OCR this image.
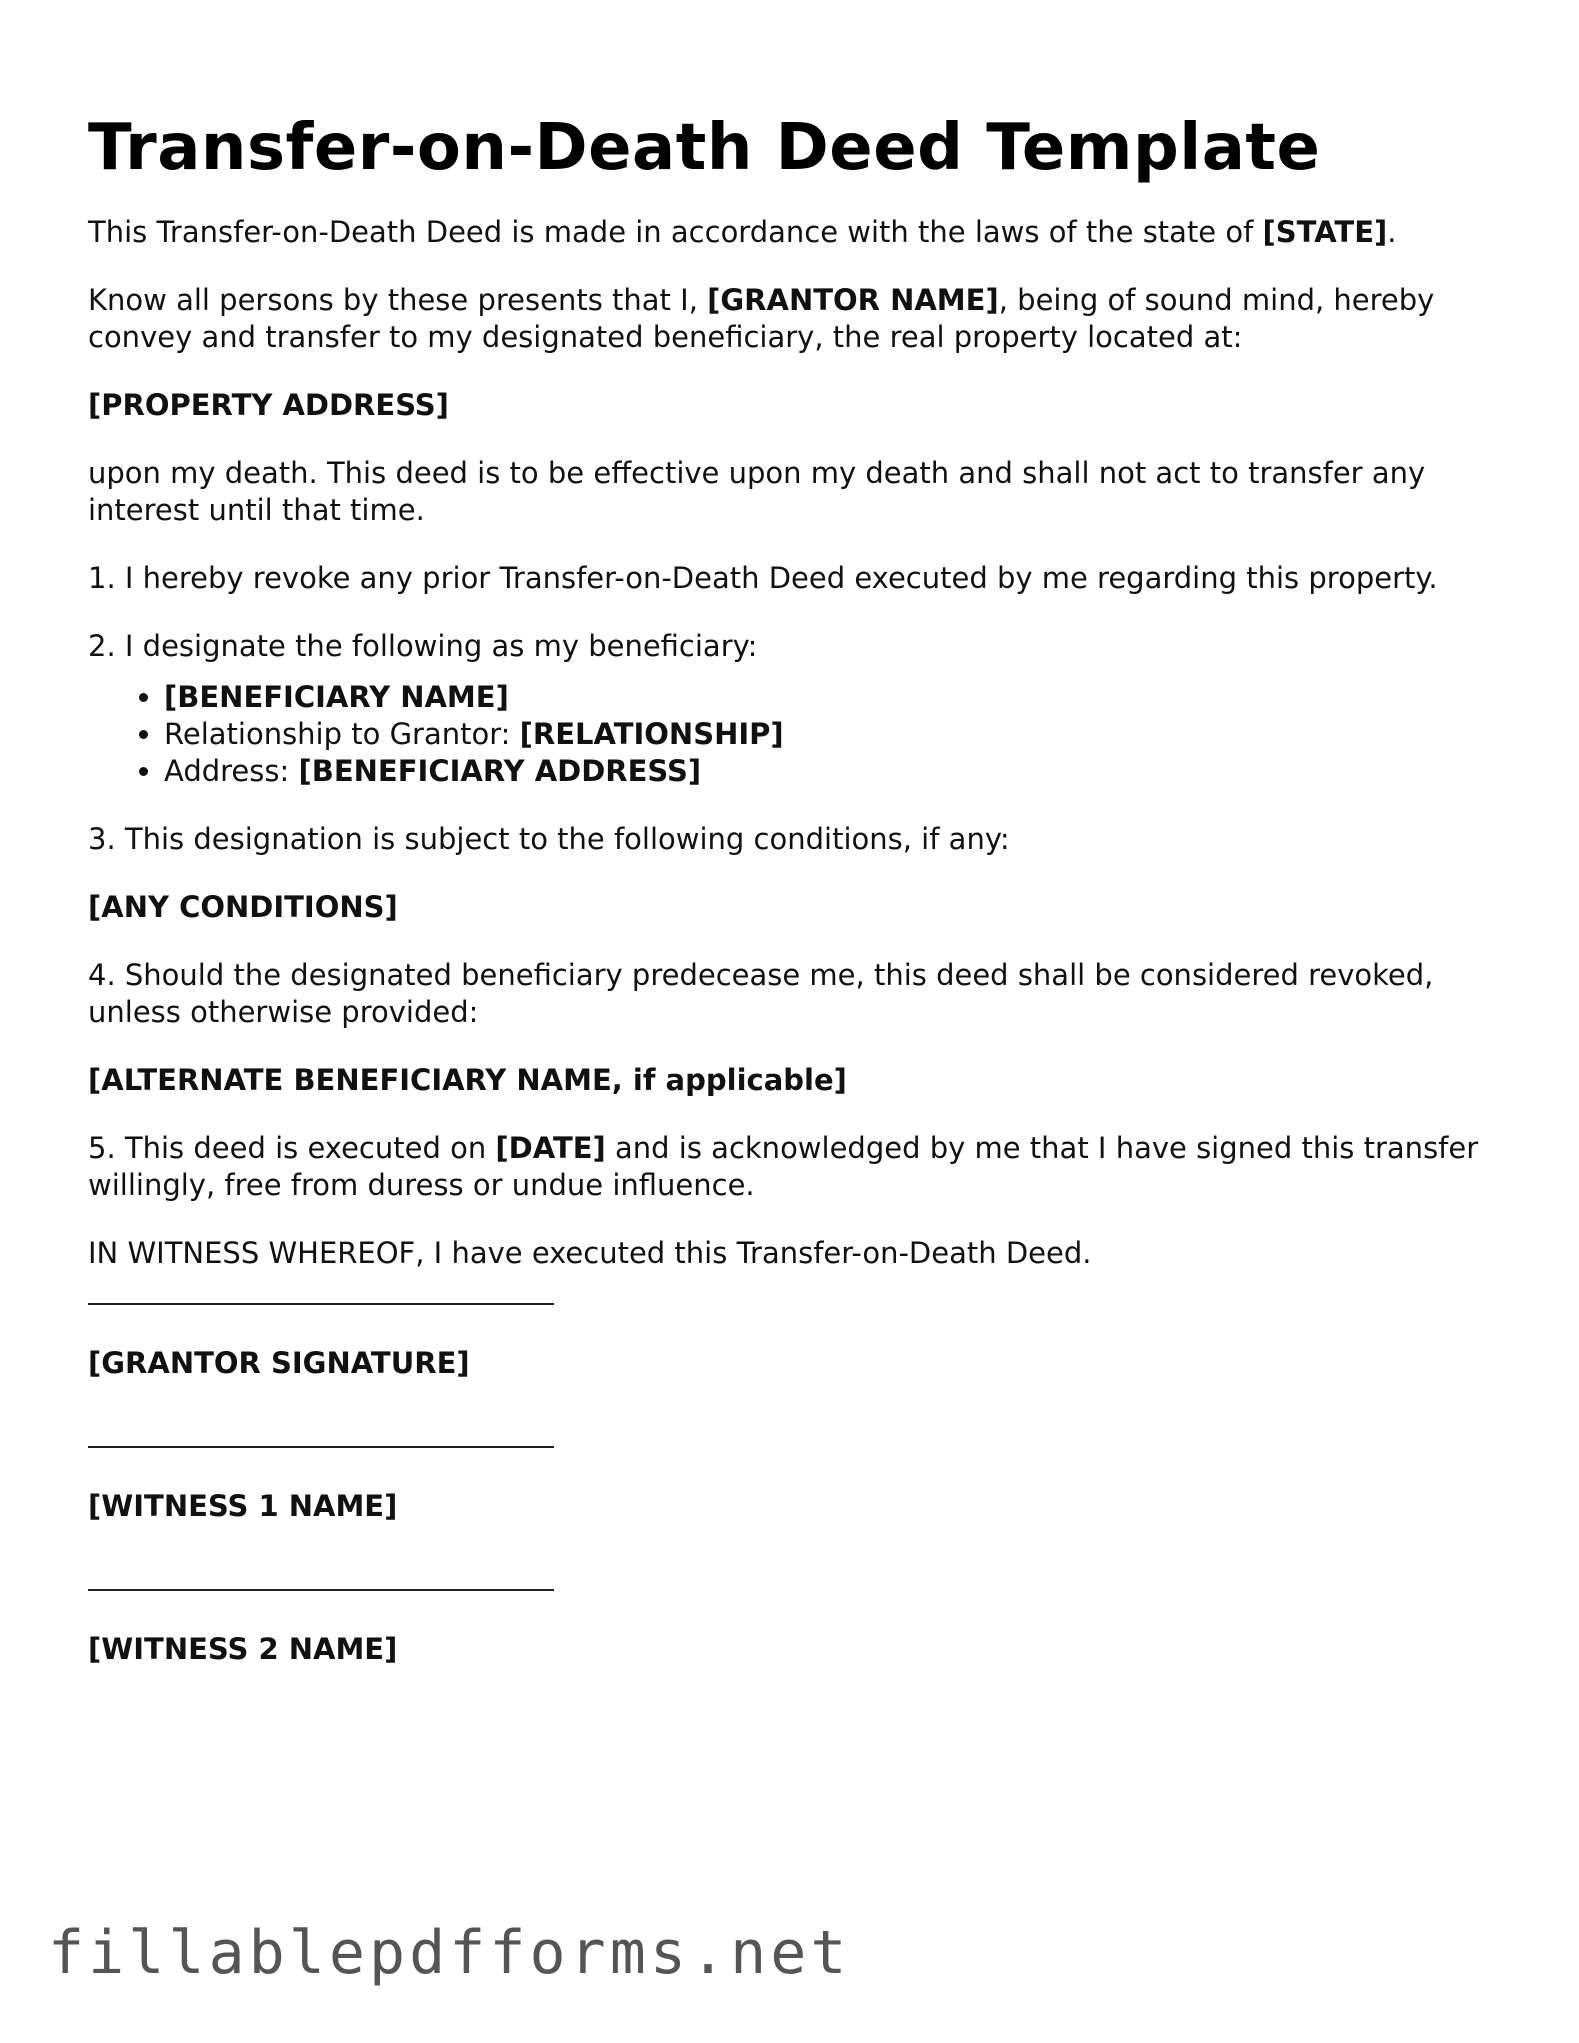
Transfer-on-Death Deed Template

This Transfer-on-Death Deed is made in accordance with the laws of the state of [STATE].

Know all persons by these presents that I, [GRANTOR NAME], being of sound mind, hereby convey and transfer to my designated beneficiary, the real property located at:

[PROPERTY ADDRESS]

upon my death. This deed is to be effective upon my death and shall not act to transfer any interest until that time.

1. I hereby revoke any prior Transfer-on-Death Deed executed by me regarding this property.

2. I designate the following as my beneficiary:

• [BENEFICIARY NAME]
• Relationship to Grantor: [RELATIONSHIP]
• Address: [BENEFICIARY ADDRESS]

3. This designation is subject to the following conditions, if any:

[ANY CONDITIONS]

4. Should the designated beneficiary predecease me, this deed shall be considered revoked, unless otherwise provided:

[ALTERNATE BENEFICIARY NAME, if applicable]

5. This deed is executed on [DATE] and is acknowledged by me that I have signed this transfer willingly, free from duress or undue influence.

IN WITNESS WHEREOF, I have executed this Transfer-on-Death Deed.

[GRANTOR SIGNATURE]

[WITNESS 1 NAME]

[WITNESS 2 NAME]

fillablepdfforms.net
